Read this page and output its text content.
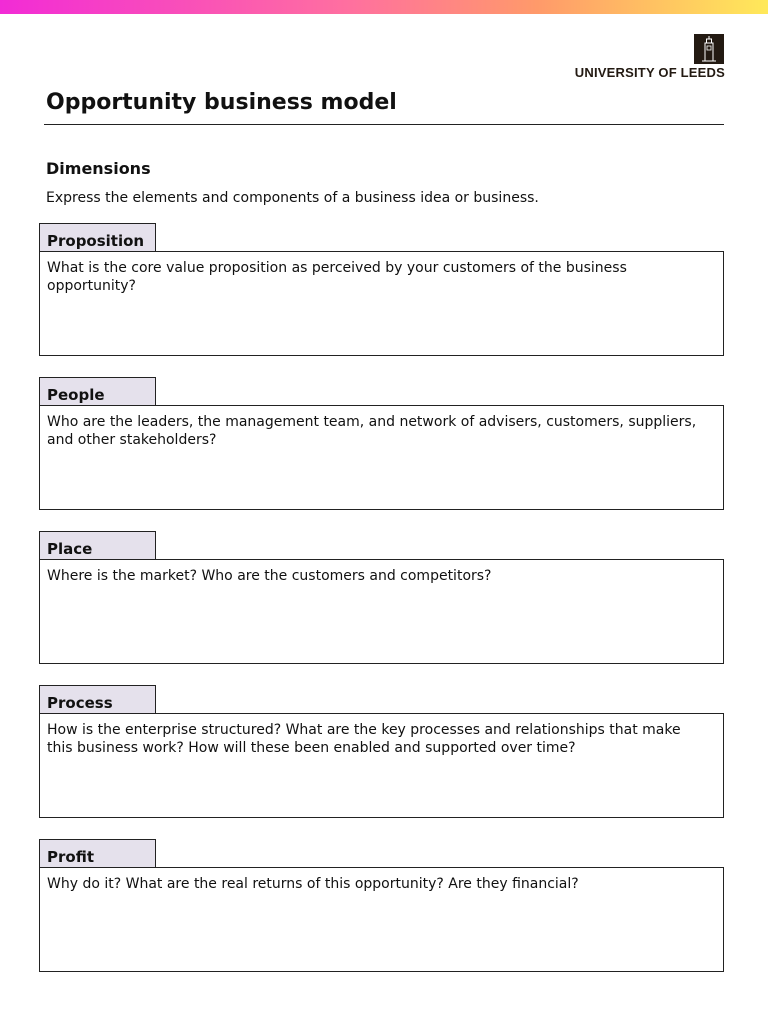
UNIVERSITY OF LEEDS
Opportunity business model
Dimensions

Express the elements and components of a business idea or business.

Proposition
What is the core value proposition as perceived by your customers of the business opportunity?
People
Who are the leaders, the management team, and network of advisers, customers, suppliers, and other stakeholders?
Place
Where is the market? Who are the customers and competitors?
Process
How is the enterprise structured? What are the key processes and relationships that make this business work? How will these been enabled and supported over time?
Profit
Why do it? What are the real returns of this opportunity? Are they financial?
